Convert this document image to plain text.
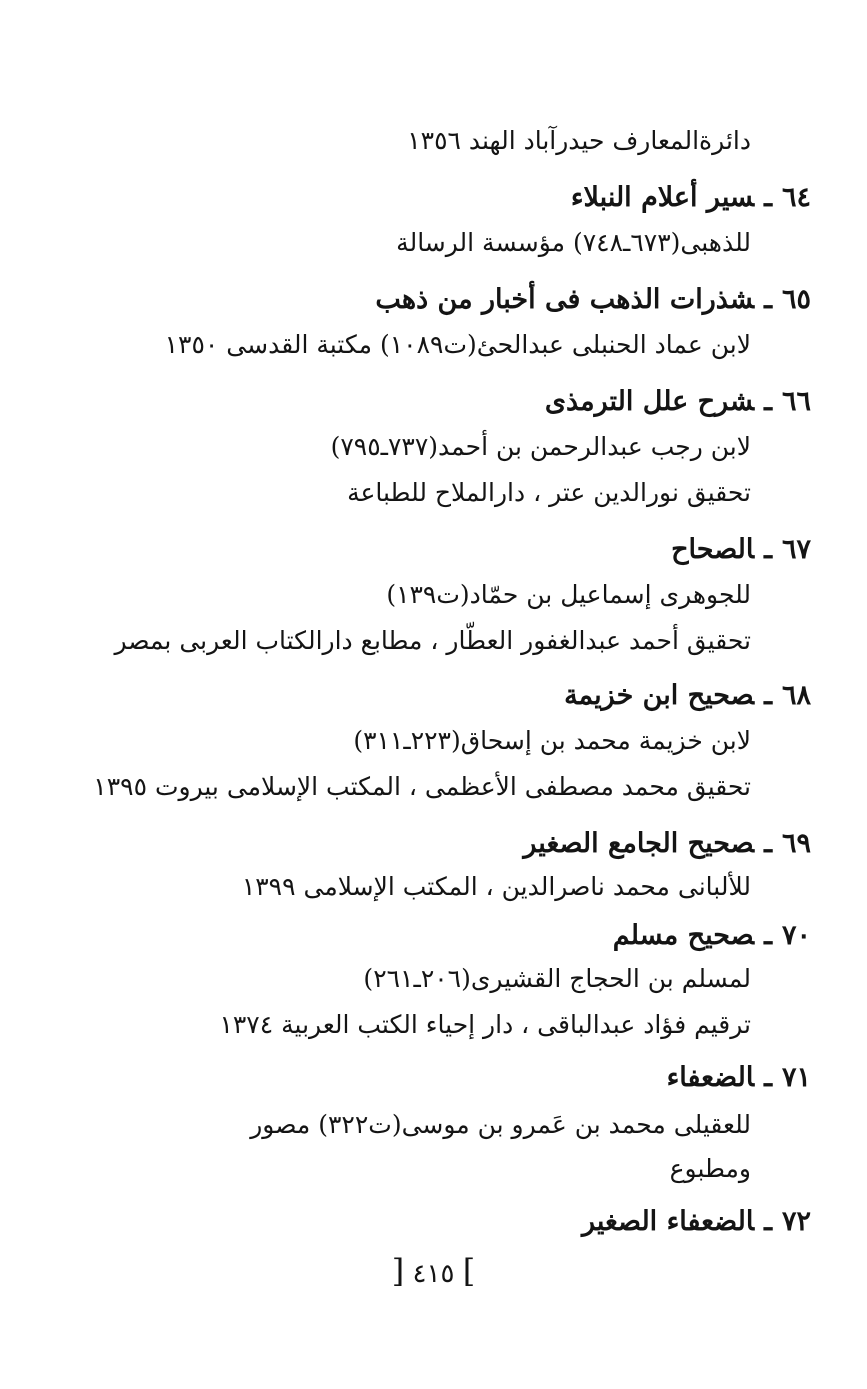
دائرةالمعارف حيدرآباد الهند ١٣٥٦
٦٤ـسير أعلام النبلاء
للذهبى(٦٧٣ـ٧٤٨) مؤسسة الرسالة
٦٥ـشذرات الذهب فى أخبار من ذهب
لابن عماد الحنبلى عبدالحئ(ت١٠٨٩) مكتبة القدسى ١٣٥٠
٦٦ـشرح علل الترمذى
لابن رجب عبدالرحمن بن أحمد(٧٣٧ـ٧٩٥)
تحقيق نورالدين عتر ، دارالملاح للطباعة
٦٧ـالصحاح
للجوهرى إسماعيل بن حمّاد(ت١٣٩)
تحقيق أحمد عبدالغفور العطّار ، مطابع دارالكتاب العربى بمصر
٦٨ـصحيح ابن خزيمة
لابن خزيمة محمد بن إسحاق(٢٢٣ـ٣١١)
تحقيق محمد مصطفى الأعظمى ، المكتب الإسلامى بيروت ١٣٩٥
٦٩ـصحيح الجامع الصغير
للألبانى محمد ناصرالدين ، المكتب الإسلامى ١٣٩٩
٧٠ـصحيح مسلم
لمسلم بن الحجاج القشيرى(٢٠٦ـ٢٦١)
ترقيم فؤاد عبدالباقى ، دار إحياء الكتب العربية ١٣٧٤
٧١ـالضعفاء
للعقيلى محمد بن عَمرو بن موسى(ت٣٢٢) مصور
ومطبوع
٧٢ـالضعفاء الصغير
] ٤١٥ [
